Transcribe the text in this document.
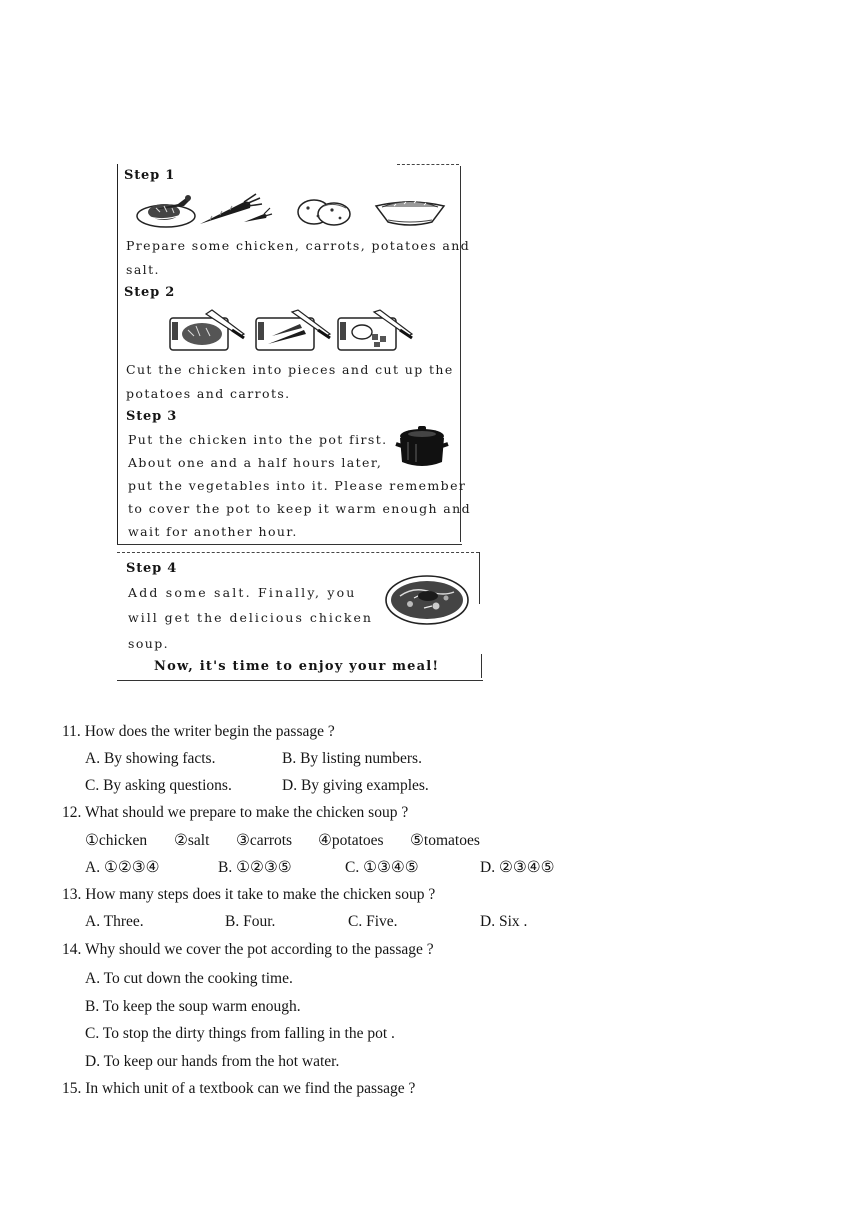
Step 1
Prepare some chicken, carrots, potatoes and
salt.
Step 2
Cut the chicken into pieces and cut up the
potatoes and carrots.
Step 3
Put the chicken into the pot first.
About one and a half hours later,
put the vegetables into it. Please remember
to cover the pot to keep it warm enough and
wait for another hour.
Step 4
Add some salt. Finally, you
will get the delicious chicken
soup.
Now, it's time to enjoy your meal!
11. How does the writer begin the passage ?
A. By showing facts.	B. By listing numbers.
C. By asking questions.	D. By giving examples.
12. What should we prepare to make the chicken soup ?
①chicken ②salt ③carrots ④potatoes ⑤tomatoes
A. ①②③④	B. ①②③⑤	C. ①③④⑤	D. ②③④⑤
13. How many steps does it take to make the chicken soup ?
A. Three.	B. Four.	C. Five.	D. Six .
14. Why should we cover the pot according to the passage ?
A. To cut down the cooking time.
B. To keep the soup warm enough.
C. To stop the dirty things from falling in the pot .
D. To keep our hands from the hot water.
15. In which unit of a textbook can we find the passage ?
